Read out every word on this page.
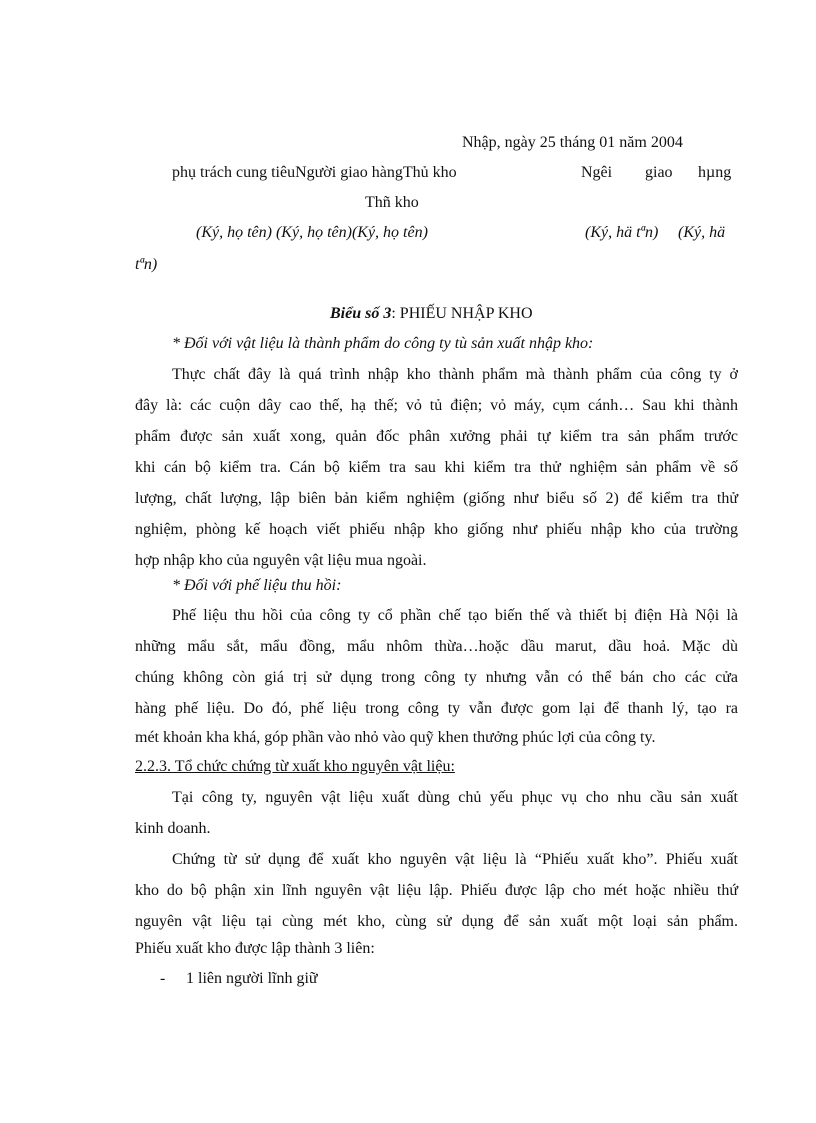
Nhập, ngày 25 tháng 01 năm 2004
phụ trách cung tiêuNgười giao hàngThủ kho	Ngêi giao hµng
Thñ kho
(Ký, họ tên) (Ký, họ tên)(Ký, họ tên)	(Ký, hä tªn) (Ký, hä
tªn)
Biểu số 3: PHIẾU NHẬP KHO
* Đối với vật liệu là thành phẩm do công ty tù sản xuất nhập kho:
Thực chất đây là quá trình nhập kho thành phẩm mà thành phẩm của công ty ở
đây là: các cuộn dây cao thế, hạ thế; vỏ tủ điện; vỏ máy, cụm cánh… Sau khi thành
phẩm được sản xuất xong, quản đốc phân xưởng phải tự kiểm tra sản phẩm trước
khi cán bộ kiểm tra. Cán bộ kiểm tra sau khi kiểm tra thử nghiệm sản phẩm về số
lượng, chất lượng, lập biên bản kiểm nghiệm (giống như biểu số 2) để kiểm tra thử
nghiệm, phòng kế hoạch viết phiếu nhập kho giống như phiếu nhập kho của trường
hợp nhập kho của nguyên vật liệu mua ngoài.
* Đối với phế liệu thu hồi:
Phế liệu thu hồi của công ty cổ phần chế tạo biến thế và thiết bị điện Hà Nội là
những mẩu sắt, mẩu đồng, mẩu nhôm thừa…hoặc dầu marut, dầu hoả. Mặc dù
chúng không còn giá trị sử dụng trong công ty nhưng vẫn có thể bán cho các cửa
hàng phế liệu. Do đó, phế liệu trong công ty vẫn được gom lại để thanh lý, tạo ra
mét khoản kha khá, góp phần vào nhỏ vào quỹ khen thưởng phúc lợi của công ty.
2.2.3. Tổ chức chứng từ xuất kho nguyên vật liệu:
Tại công ty, nguyên vật liệu xuất dùng chủ yếu phục vụ cho nhu cầu sản xuất
kinh doanh.
Chứng từ sử dụng để xuất kho nguyên vật liệu là “Phiếu xuất kho”. Phiếu xuất
kho do bộ phận xin lĩnh nguyên vật liệu lập. Phiếu được lập cho mét hoặc nhiều thứ
nguyên vật liệu tại cùng mét kho, cùng sử dụng để sản xuất một loại sản phẩm.
Phiếu xuất kho được lập thành 3 liên:
- 1 liên người lĩnh giữ
